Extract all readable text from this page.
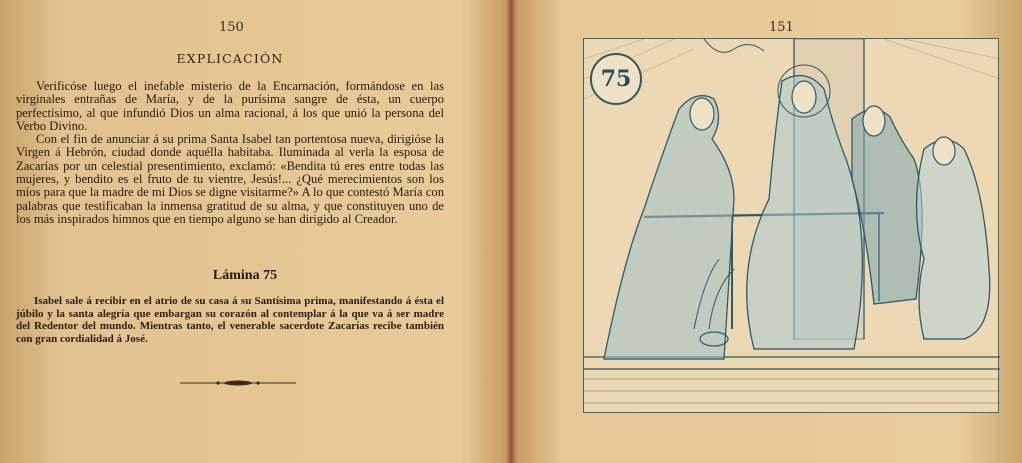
150
EXPLICACIÓN

Verificóse luego el inefable misterio de la Encarnación, formándose en las virginales entrañas de María, y de la purísima sangre de ésta, un cuerpo perfectísimo, al que infundió Dios un alma racional, á los que unió la persona del Verbo Divino.

Con el fin de anunciar á su prima Santa Isabel tan portentosa nueva, dirigióse la Virgen á Hebrón, ciudad donde aquélla habitaba. Iluminada al verla la esposa de Zacarías por un celestial presentimiento, exclamó: «Bendita tú eres entre todas las mujeres, y bendito es el fruto de tu vientre, Jesús!... ¿Qué merecimientos son los míos para que la madre de mi Dios se digne visitarme?» A lo que contestó María con palabras que testificaban la inmensa gratitud de su alma, y que constituyen uno de los más inspirados himnos que en tiempo alguno se han dirigido al Creador.

Lámina 75

Isabel sale á recibir en el atrio de su casa á su Santísima prima, manifestando á ésta el júbilo y la santa alegría que embargan su corazón al contemplar á la que va á ser madre del Redentor del mundo. Mientras tanto, el venerable sacerdote Zacarías recibe también con gran cordialidad á José.

151
75
